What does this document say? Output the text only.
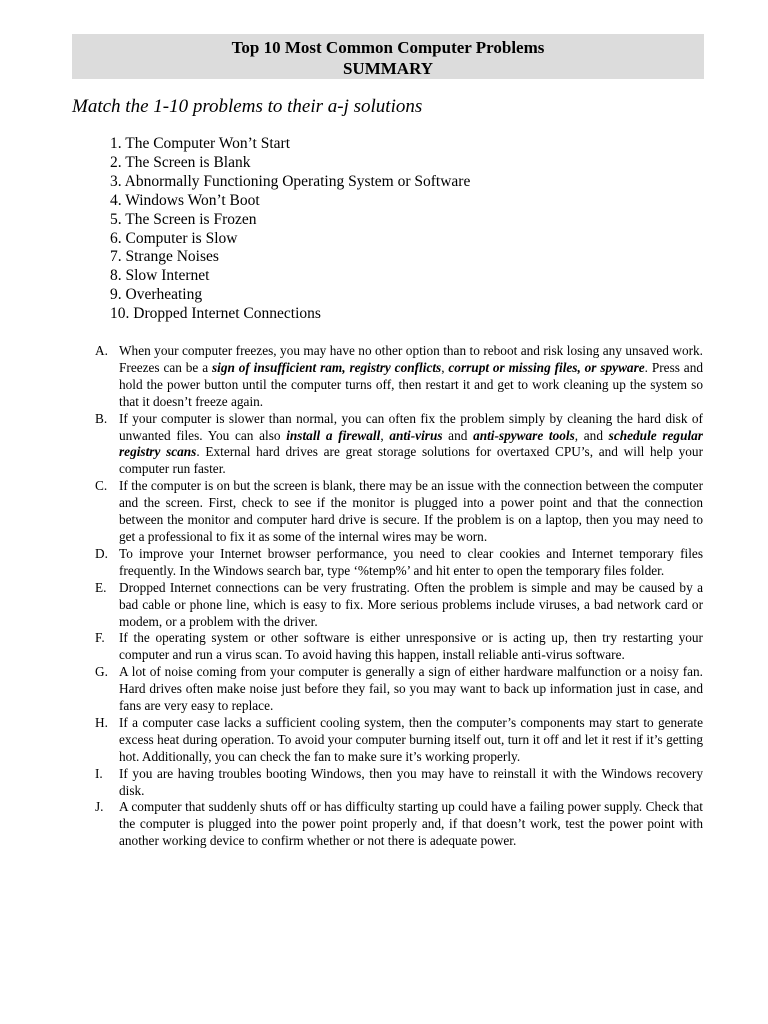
Top 10 Most Common Computer Problems
SUMMARY

Match the 1-10 problems to their a-j solutions

1. The Computer Won’t Start
2. The Screen is Blank
3. Abnormally Functioning Operating System or Software
4. Windows Won’t Boot
5. The Screen is Frozen
6. Computer is Slow
7. Strange Noises
8. Slow Internet
9. Overheating
10. Dropped Internet Connections
A. When your computer freezes, you may have no other option than to reboot and risk losing any unsaved work. Freezes can be a sign of insufficient ram, registry conflicts, corrupt or missing files, or spyware. Press and hold the power button until the computer turns off, then restart it and get to work cleaning up the system so that it doesn’t freeze again.
B. If your computer is slower than normal, you can often fix the problem simply by cleaning the hard disk of unwanted files. You can also install a firewall, anti-virus and anti-spyware tools, and schedule regular registry scans. External hard drives are great storage solutions for overtaxed CPU’s, and will help your computer run faster.
C. If the computer is on but the screen is blank, there may be an issue with the connection between the computer and the screen. First, check to see if the monitor is plugged into a power point and that the connection between the monitor and computer hard drive is secure. If the problem is on a laptop, then you may need to get a professional to fix it as some of the internal wires may be worn.
D. To improve your Internet browser performance, you need to clear cookies and Internet temporary files frequently. In the Windows search bar, type ‘%temp%’ and hit enter to open the temporary files folder.
E. Dropped Internet connections can be very frustrating. Often the problem is simple and may be caused by a bad cable or phone line, which is easy to fix. More serious problems include viruses, a bad network card or modem, or a problem with the driver.
F. If the operating system or other software is either unresponsive or is acting up, then try restarting your computer and run a virus scan. To avoid having this happen, install reliable anti-virus software.
G. A lot of noise coming from your computer is generally a sign of either hardware malfunction or a noisy fan. Hard drives often make noise just before they fail, so you may want to back up information just in case, and fans are very easy to replace.
H. If a computer case lacks a sufficient cooling system, then the computer’s components may start to generate excess heat during operation. To avoid your computer burning itself out, turn it off and let it rest if it’s getting hot. Additionally, you can check the fan to make sure it’s working properly.
I. If you are having troubles booting Windows, then you may have to reinstall it with the Windows recovery disk.
J. A computer that suddenly shuts off or has difficulty starting up could have a failing power supply. Check that the computer is plugged into the power point properly and, if that doesn’t work, test the power point with another working device to confirm whether or not there is adequate power.
